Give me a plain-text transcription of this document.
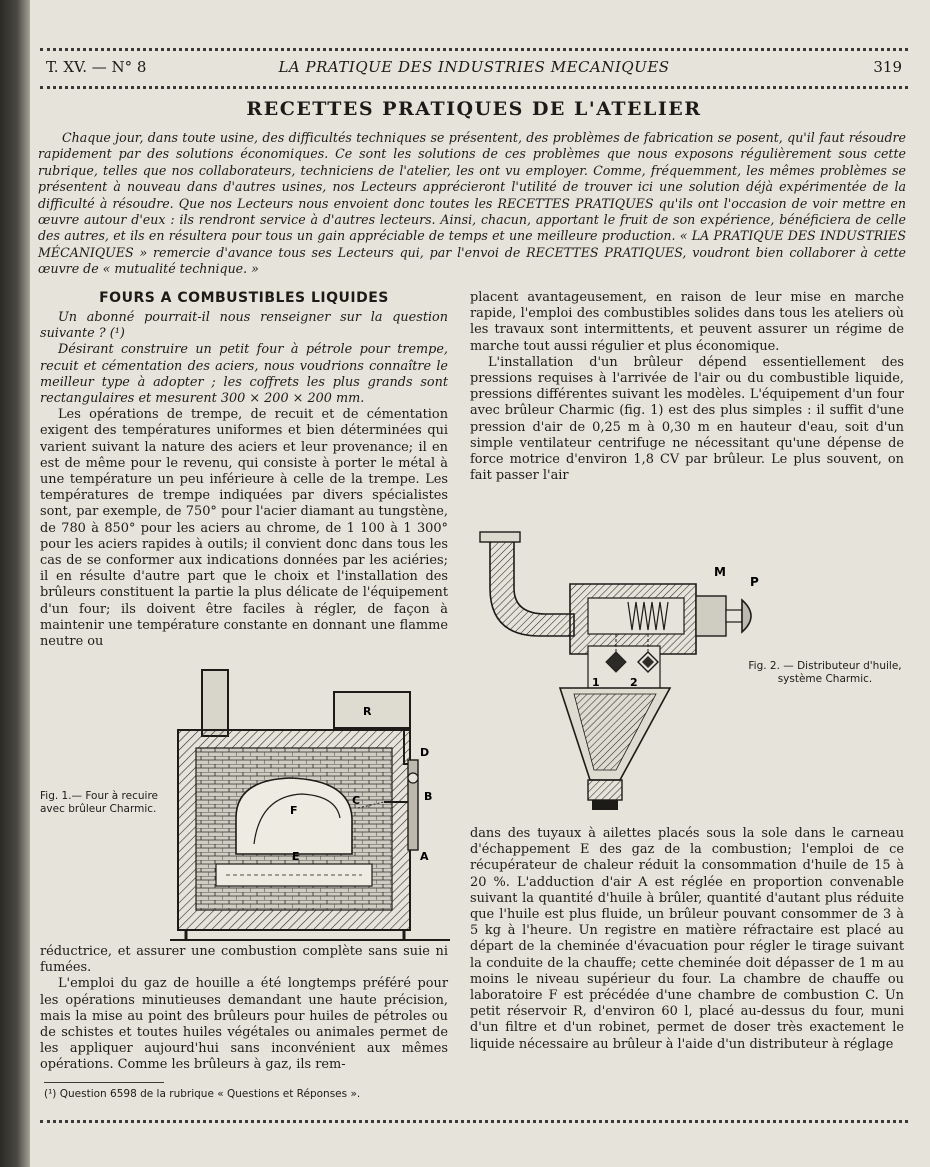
T. XV. — N° 8	LA PRATIQUE DES INDUSTRIES MECANIQUES	319
RECETTES PRATIQUES DE L'ATELIER
Chaque jour, dans toute usine, des difficultés techniques se présentent, des problèmes de fabrication se posent, qu'il faut résoudre rapidement par des solutions économiques. Ce sont les solutions de ces problèmes que nous exposons régulièrement sous cette rubrique, telles que nos collaborateurs, techniciens de l'atelier, les ont vu employer. Comme, fréquemment, les mêmes problèmes se présentent à nouveau dans d'autres usines, nos Lecteurs apprécieront l'utilité de trouver ici une solution déjà expérimentée de la difficulté à résoudre. Que nos Lecteurs nous envoient donc toutes les RECETTES PRATIQUES qu'ils ont l'occasion de voir mettre en œuvre autour d'eux : ils rendront service à d'autres lecteurs. Ainsi, chacun, apportant le fruit de son expérience, bénéficiera de celle des autres, et ils en résultera pour tous un gain appréciable de temps et une meilleure production. « LA PRATIQUE DES INDUSTRIES MÉCANIQUES » remercie d'avance tous ses Lecteurs qui, par l'envoi de RECETTES PRATIQUES, voudront bien collaborer à cette œuvre de « mutualité technique. »
FOURS A COMBUSTIBLES LIQUIDES

Un abonné pourrait-il nous renseigner sur la question suivante ? (¹)

Désirant construire un petit four à pétrole pour trempe, recuit et cémentation des aciers, nous voudrions connaître le meilleur type à adopter ; les coffrets les plus grands sont rectangulaires et mesurent 300 × 200 × 200 mm.

Les opérations de trempe, de recuit et de cémentation exigent des températures uniformes et bien déterminées qui varient suivant la nature des aciers et leur provenance; il en est de même pour le revenu, qui consiste à porter le métal à une température un peu inférieure à celle de la trempe. Les températures de trempe indiquées par divers spécialistes sont, par exemple, de 750° pour l'acier diamant au tungstène, de 780 à 850° pour les aciers au chrome, de 1 100 à 1 300° pour les aciers rapides à outils; il convient donc dans tous les cas de se conformer aux indications données par les aciéries; il en résulte d'autre part que le choix et l'installation des brûleurs constituent la partie la plus délicate de l'équipement d'un four; ils doivent être faciles à régler, de façon à maintenir une température constante en donnant une flamme neutre ou

R
D
B
C
F
E	A
Fig. 1.— Four à recuire avec brûleur Charmic.

réductrice, et assurer une combustion complète sans suie ni fumées.

L'emploi du gaz de houille a été longtemps préféré pour les opérations minutieuses demandant une haute précision, mais la mise au point des brûleurs pour huiles de pétroles ou de schistes et toutes huiles végétales ou animales permet de les appliquer aujourd'hui sans inconvénient aux mêmes opérations. Comme les brûleurs à gaz, ils rem-

placent avantageusement, en raison de leur mise en marche rapide, l'emploi des combustibles solides dans tous les ateliers où les travaux sont intermittents, et peuvent assurer un régime de marche tout aussi régulier et plus économique.

L'installation d'un brûleur dépend essentiellement des pressions requises à l'arrivée de l'air ou du combustible liquide, pressions différentes suivant les modèles. L'équipement d'un four avec brûleur Charmic (fig. 1) est des plus simples : il suffit d'une pression d'air de 0,25 m à 0,30 m en hauteur d'eau, soit d'un simple ventilateur centrifuge ne nécessitant qu'une dépense de force motrice d'environ 1,8 CV par brûleur. Le plus souvent, on fait passer l'air

M
P
1	2
Fig. 2. — Distributeur d'huile, système Charmic.

dans des tuyaux à ailettes placés sous la sole dans le carneau d'échappement E des gaz de la combustion; l'emploi de ce récupérateur de chaleur réduit la consommation d'huile de 15 à 20 %. L'adduction d'air A est réglée en proportion convenable suivant la quantité d'huile à brûler, quantité d'autant plus réduite que l'huile est plus fluide, un brûleur pouvant consommer de 3 à 5 kg à l'heure. Un registre en matière réfractaire est placé au départ de la cheminée d'évacuation pour régler le tirage suivant la conduite de la chauffe; cette cheminée doit dépasser de 1 m au moins le niveau supérieur du four. La chambre de chauffe ou laboratoire F est précédée d'une chambre de combustion C. Un petit réservoir R, d'environ 60 l, placé au-dessus du four, muni d'un filtre et d'un robinet, permet de doser très exactement le liquide nécessaire au brûleur à l'aide d'un distributeur à réglage

(¹) Question 6598 de la rubrique « Questions et Réponses ».
